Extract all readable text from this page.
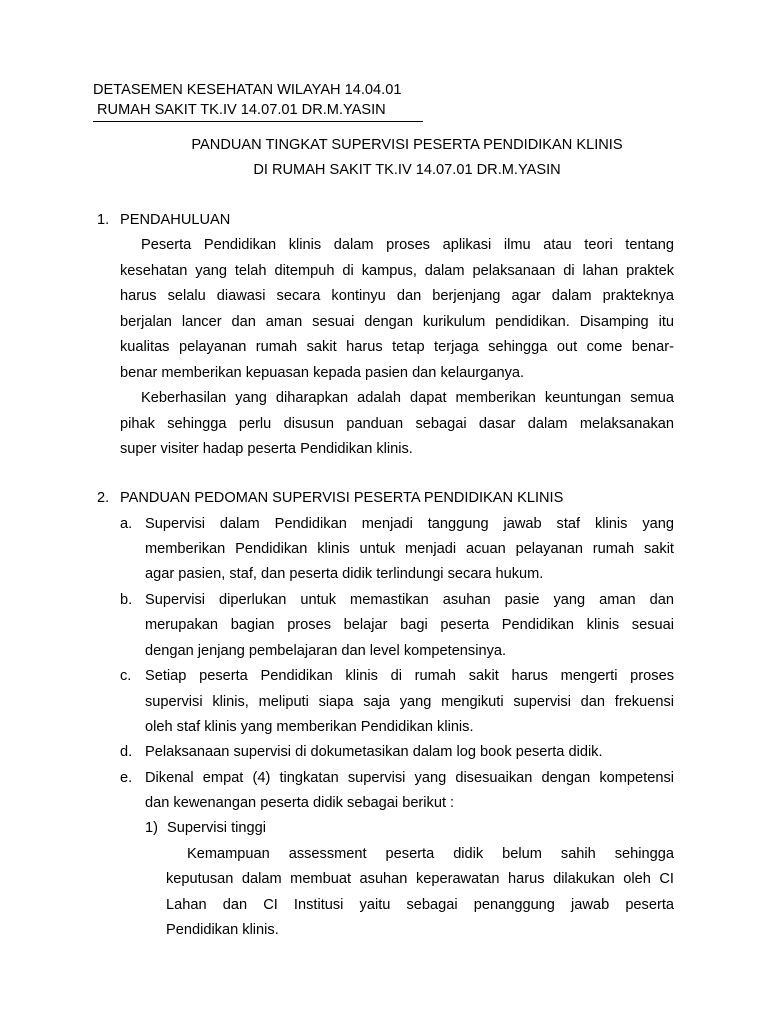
DETASEMEN KESEHATAN WILAYAH 14.04.01
RUMAH SAKIT TK.IV 14.07.01 DR.M.YASIN
PANDUAN TINGKAT SUPERVISI PESERTA PENDIDIKAN KLINIS
DI RUMAH SAKIT TK.IV 14.07.01 DR.M.YASIN
1. PENDAHULUAN
Peserta Pendidikan klinis dalam proses aplikasi ilmu atau teori tentang
kesehatan yang telah ditempuh di kampus, dalam pelaksanaan di lahan praktek
harus selalu diawasi secara kontinyu dan berjenjang agar dalam prakteknya
berjalan lancer dan aman sesuai dengan kurikulum pendidikan. Disamping itu
kualitas pelayanan rumah sakit harus tetap terjaga sehingga out come benar-
benar memberikan kepuasan kepada pasien dan kelaurganya.
Keberhasilan yang diharapkan adalah dapat memberikan keuntungan semua
pihak sehingga perlu disusun panduan sebagai dasar dalam melaksanakan
super visiter hadap peserta Pendidikan klinis.
2. PANDUAN PEDOMAN SUPERVISI PESERTA PENDIDIKAN KLINIS
a. Supervisi dalam Pendidikan menjadi tanggung jawab staf klinis yang
memberikan Pendidikan klinis untuk menjadi acuan pelayanan rumah sakit
agar pasien, staf, dan peserta didik terlindungi secara hukum.
b. Supervisi diperlukan untuk memastikan asuhan pasie yang aman dan
merupakan bagian proses belajar bagi peserta Pendidikan klinis sesuai
dengan jenjang pembelajaran dan level kompetensinya.
c. Setiap peserta Pendidikan klinis di rumah sakit harus mengerti proses
supervisi klinis, meliputi siapa saja yang mengikuti supervisi dan frekuensi
oleh staf klinis yang memberikan Pendidikan klinis.
d. Pelaksanaan supervisi di dokumetasikan dalam log book peserta didik.
e. Dikenal empat (4) tingkatan supervisi yang disesuaikan dengan kompetensi
dan kewenangan peserta didik sebagai berikut :
1) Supervisi tinggi
Kemampuan assessment peserta didik belum sahih sehingga
keputusan dalam membuat asuhan keperawatan harus dilakukan oleh CI
Lahan dan CI Institusi yaitu sebagai penanggung jawab peserta
Pendidikan klinis.
